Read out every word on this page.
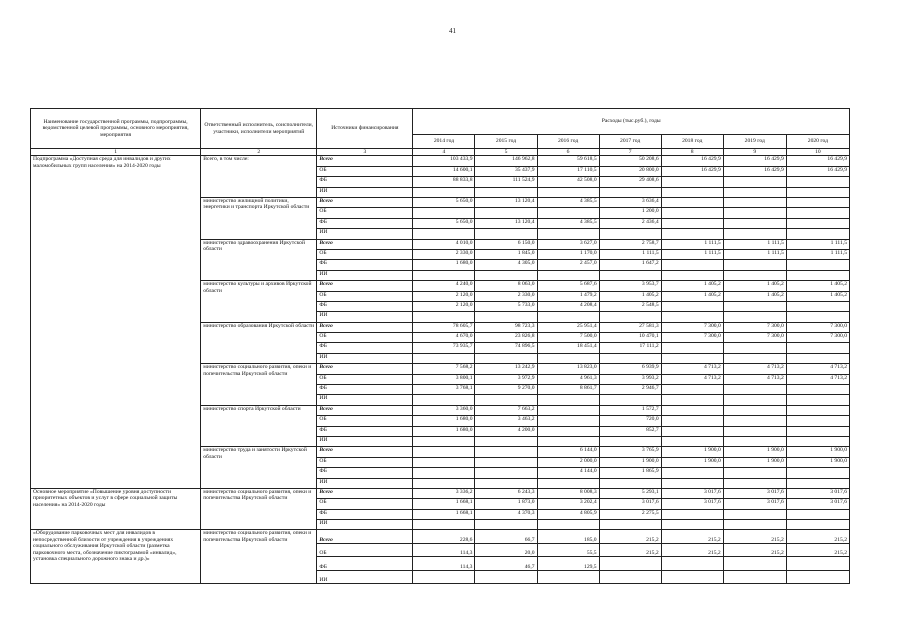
41
Наименование государственной программы, подпрограммы, ведомственной целевой программы, основного мероприятия, мероприятия	Ответственный исполнитель, соисполнители, участники, исполнители мероприятий	Источники финансирования	Расходы (тыс.руб.), годы						
			2014 год	2015 год	2016 год	2017 год	2018 год	2019 год	2020 год
1	2	3	4	5	6	7	8	9	10
Подпрограмма «Доступная среда для инвалидов и других маломобильных групп населения» на 2014-2020 годы	Всего, в том числе:	Всего	103 433,9	146 962,8	59 618,5	50 208,6	16 429,9	16 429,9	16 429,9
		ОБ	14 600,1	35 437,9	17 110,5	20 800,0	16 429,9	16 429,9	16 429,9
		ФБ	88 833,8	111 524,9	42 508,0	29 408,6			
		ИИ							
	министерство жилищной политики, энергетики и транспорта Иркутской области	Всего	5 650,0	13 120,4	4 385,5	3 636,4			
		ОБ				1 200,0			
		ФБ	5 650,0	13 120,4	4 385,5	2 436,4			
		ИИ							
	министерство здравоохранения Иркутской области	Всего	4 010,0	6 150,0	3 627,0	2 758,7	1 111,5	1 111,5	1 111,5
		ОБ	2 330,0	1 845,0	1 170,0	1 111,5	1 111,5	1 111,5	1 111,5
		ФБ	1 680,0	4 305,0	2 457,0	1 647,2			
		ИИ							
	министерство культуры и архивов Иркутской области	Всего	4 240,0	8 063,0	5 687,6	3 953,7	1 405,2	1 405,2	1 405,2
		ОБ	2 120,0	2 330,0	1 479,2	1 405,2	1 405,2	1 405,2	1 405,2
		ФБ	2 120,0	5 733,0	4 208,4	2 548,5			
		ИИ							
	министерство образования Иркутской области	Всего	78 605,7	98 723,3	25 951,4	27 581,3	7 300,0	7 300,0	7 300,0
		ОБ	4 670,0	23 826,8	7 500,0	10 470,1	7 300,0	7 300,0	7 300,0
		ФБ	73 935,7	74 896,5	18 451,4	17 111,2			
		ИИ							
	министерство социального развития, опеки и попечительства Иркутской области	Всего	7 568,2	13 242,9	13 823,0	6 939,9	4 713,2	4 713,2	4 713,2
		ОБ	3 800,1	3 972,9	4 961,3	3 993,2	4 713,2	4 713,2	4 713,2
		ФБ	3 768,1	9 270,0	8 861,7	2 946,7			
		ИИ							
	министерство спорта Иркутской области	Всего	3 360,0	7 663,2		1 572,7			
		ОБ	1 680,0	3 463,2		720,0			
		ФБ	1 680,0	4 200,0		852,7			
		ИИ							
	министерство труда и занятости Иркутской области	Всего			6 144,0	3 765,9	1 900,0	1 900,0	1 900,0
		ОБ			2 000,0	1 900,0	1 900,0	1 900,0	1 900,0
		ФБ			4 144,0	1 865,9			
		ИИ							
Основное мероприятие «Повышение уровня доступности приоритетных объектов и услуг в сфере социальной защиты населения» на 2014-2020 годы	министерство социального развития, опеки и попечительства Иркутской области	Всего	3 336,2	6 243,3	8 008,3	5 293,1	3 017,6	3 017,6	3 017,6
		ОБ	1 668,1	1 873,0	3 202,4	3 017,6	3 017,6	3 017,6	3 017,6
		ФБ	1 668,1	4 370,3	4 805,9	2 275,5			
		ИИ							
«Оборудование парковочных мест для инвалидов в непосредственной близости от учреждения в учреждениях социального обслуживания Иркутской области (разметка парковочного места, обозначение пиктограммой «инвалид», установка специального дорожного знака и др.)»	министерство социального развития, опеки и попечительства Иркутской области	Всего	228,6	66,7	185,0	215,2	215,2	215,2	215,2
		ОБ	114,3	20,0	55,5	215,2	215,2	215,2	215,2
		ФБ	114,3	46,7	129,5				
		ИИ							
